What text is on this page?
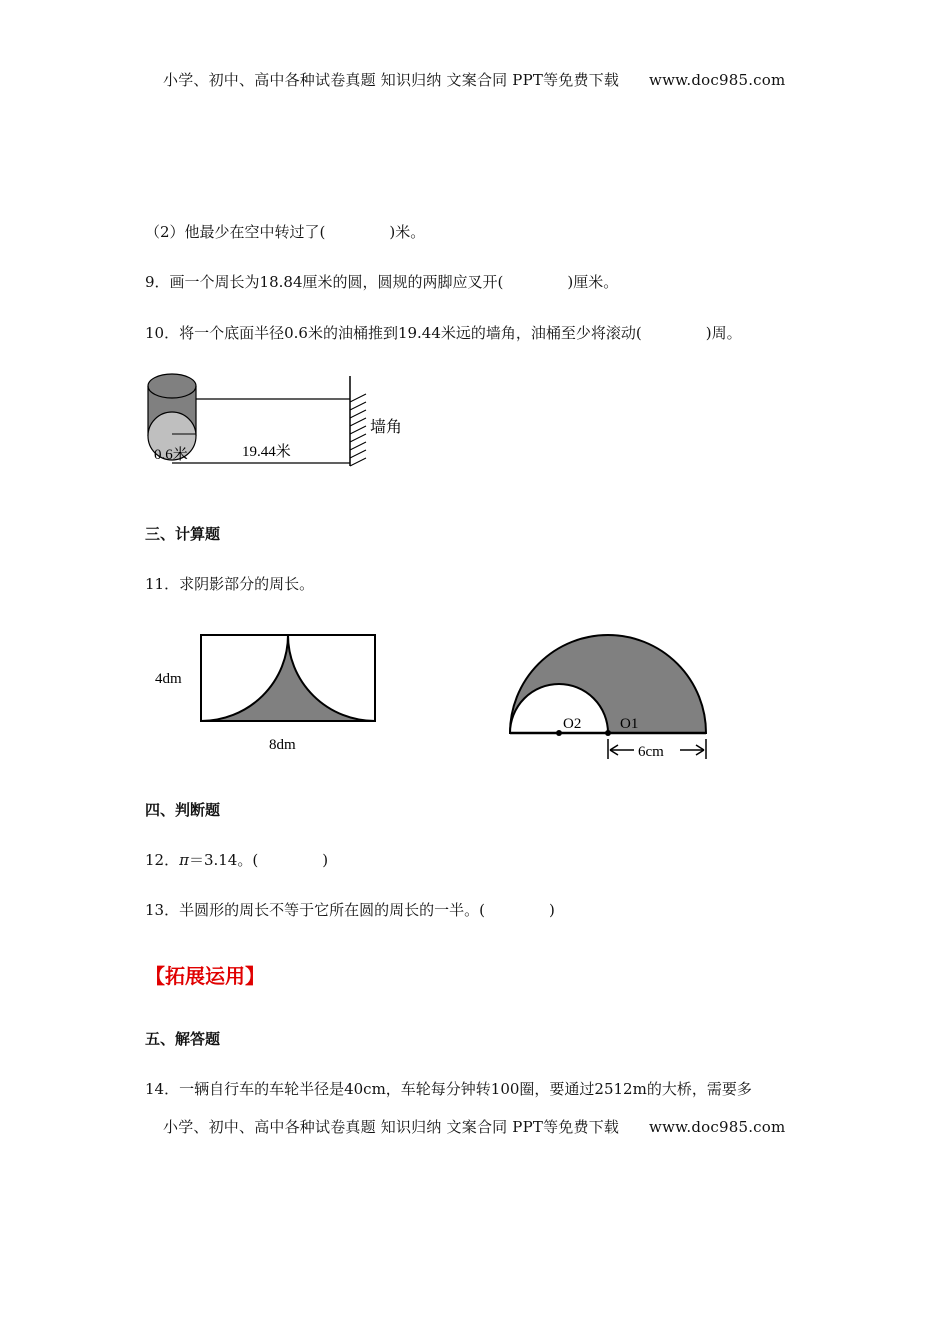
小学、初中、高中各种试卷真题 知识归纳 文案合同 PPT等免费下载 www.doc985.com
（2）他最少在空中转过了(	)米。
9．画一个周长为18.84厘米的圆，圆规的两脚应叉开(	)厘米。
10．将一个底面半径0.6米的油桶推到19.44米远的墙角，油桶至少将滚动(	)周。
0.6米	19.44米
墙角
三、计算题
11．求阴影部分的周长。
4dm
8dm
O2	O1
6cm
四、判断题
12．π＝3.14。(	)
13．半圆形的周长不等于它所在圆的周长的一半。(	)
【拓展运用】
五、解答题
14．一辆自行车的车轮半径是40cm，车轮每分钟转100圈，要通过2512m的大桥，需要多
小学、初中、高中各种试卷真题 知识归纳 文案合同 PPT等免费下载 www.doc985.com
